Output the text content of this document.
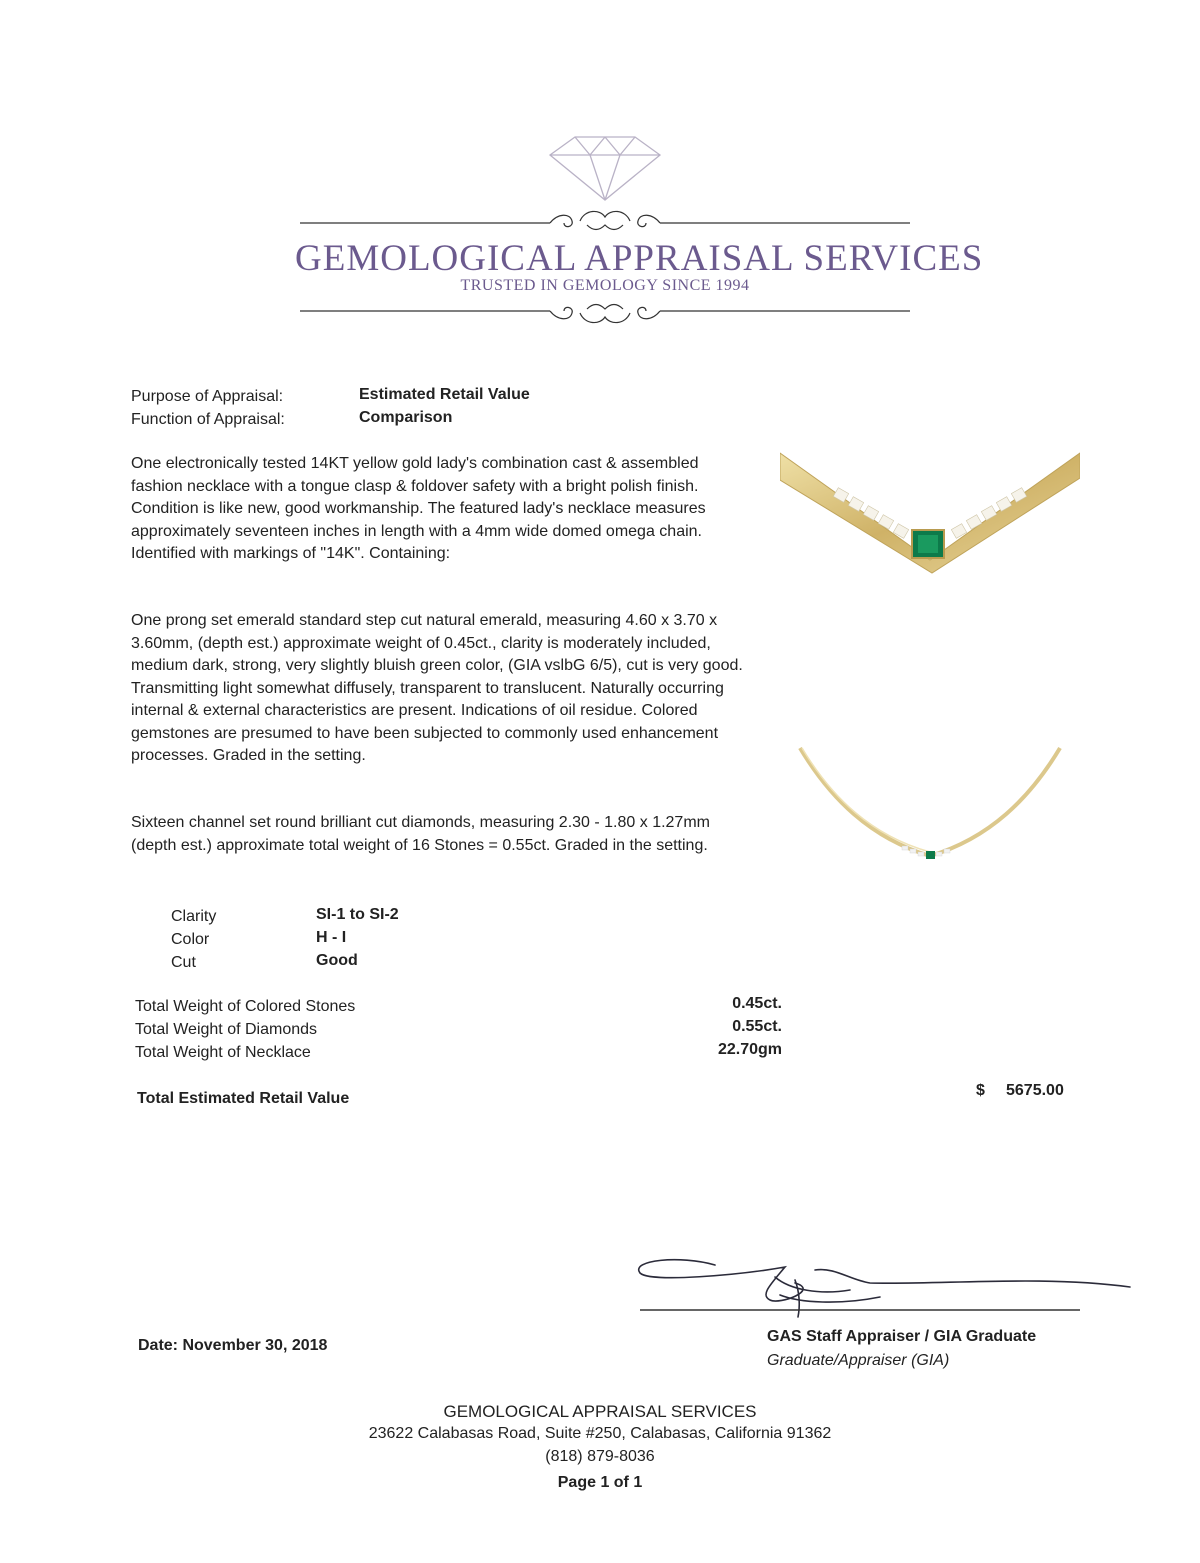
GEMOLOGICAL APPRAISAL SERVICES
TRUSTED IN GEMOLOGY SINCE 1994
Purpose of Appraisal:	Estimated Retail Value
Function of Appraisal:	Comparison
One electronically tested 14KT yellow gold lady's combination cast & assembled fashion necklace with a tongue clasp & foldover safety with a bright polish finish. Condition is like new, good workmanship. The featured lady's necklace measures approximately seventeen inches in length with a 4mm wide domed omega chain. Identified with markings of "14K". Containing:
One prong set emerald standard step cut natural emerald, measuring 4.60 x 3.70 x 3.60mm, (depth est.) approximate weight of 0.45ct., clarity is moderately included, medium dark, strong, very slightly bluish green color, (GIA vslbG 6/5), cut is very good. Transmitting light somewhat diffusely, transparent to translucent. Naturally occurring internal & external characteristics are present. Indications of oil residue. Colored gemstones are presumed to have been subjected to commonly used enhancement processes. Graded in the setting.
Sixteen channel set round brilliant cut diamonds, measuring 2.30 - 1.80 x 1.27mm (depth est.) approximate total weight of 16 Stones = 0.55ct. Graded in the setting.
Clarity	SI-1 to SI-2
Color	H - I
Cut	Good
Total Weight of Colored Stones	0.45ct.
Total Weight of Diamonds	0.55ct.
Total Weight of Necklace	22.70gm
Total Estimated Retail Value	$ 5675.00
Date: November 30, 2018
GAS Staff Appraiser / GIA Graduate
Graduate/Appraiser (GIA)
GEMOLOGICAL APPRAISAL SERVICES
23622 Calabasas Road, Suite #250, Calabasas, California 91362
(818) 879-8036
Page 1 of 1
